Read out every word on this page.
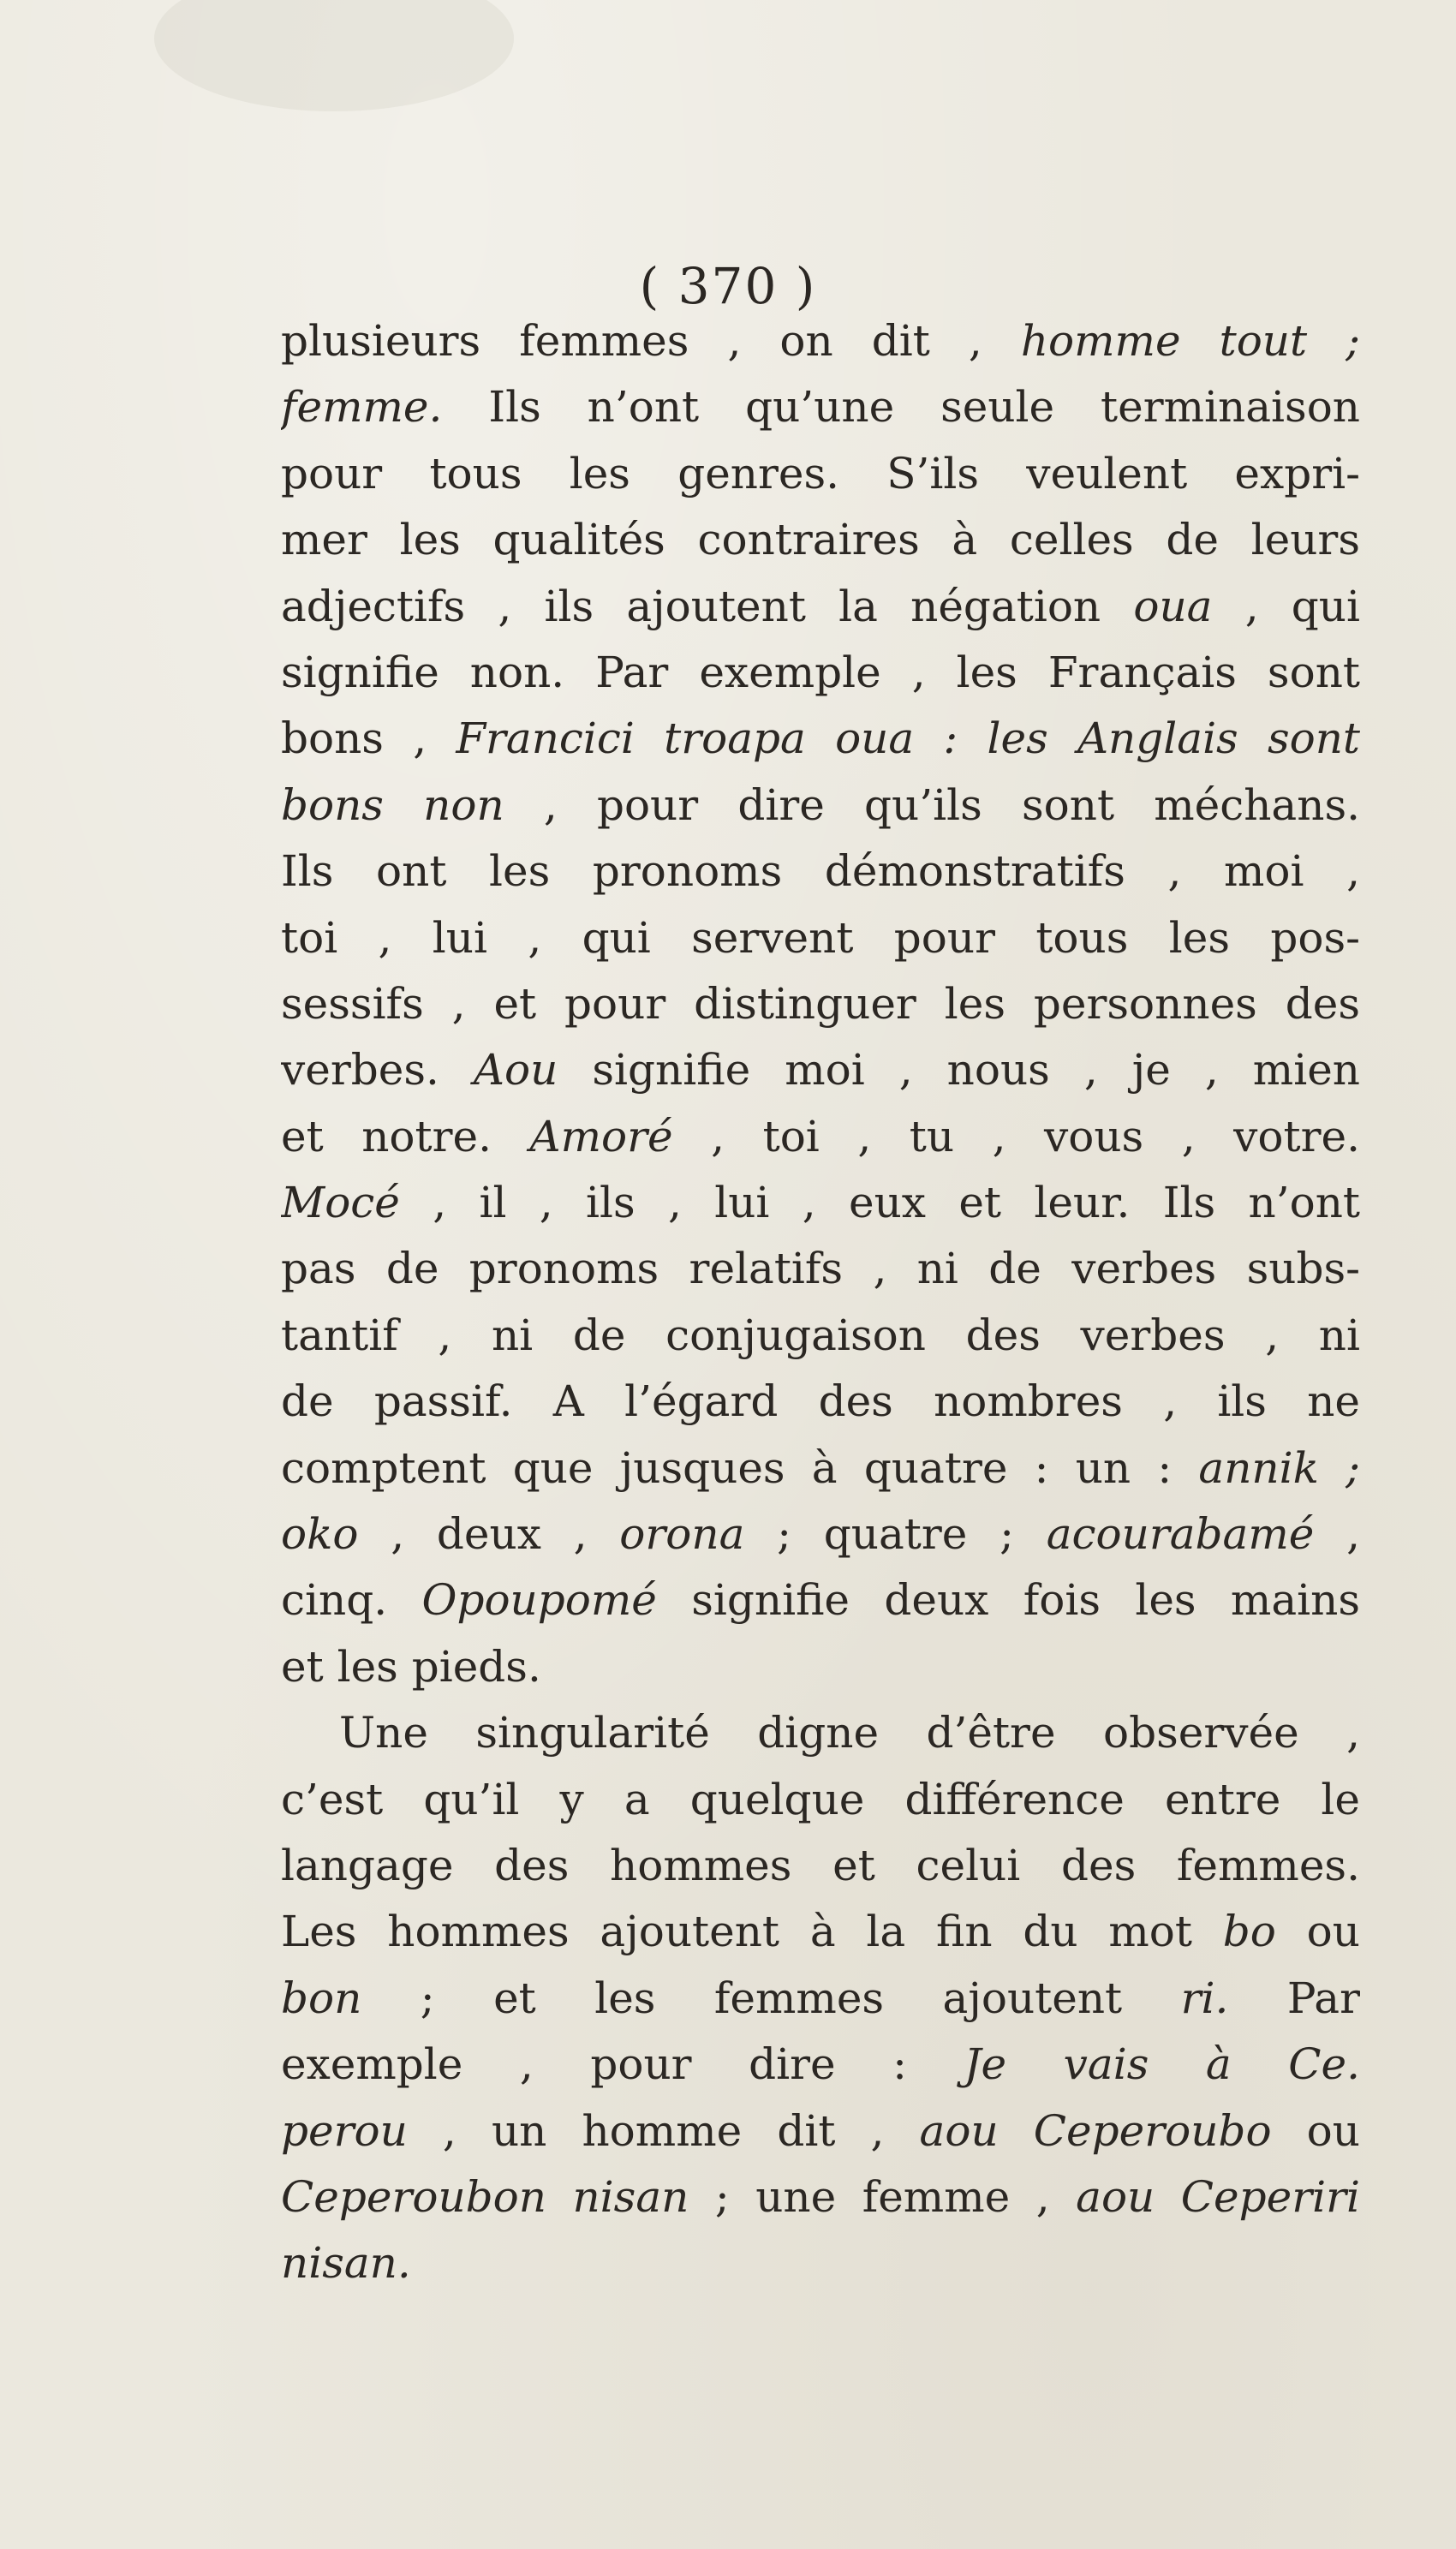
( 370 )
plusieurs femmes , on dit , homme tout ;
femme. Ils n’ont qu’une seule terminaison
pour tous les genres. S’ils veulent expri-
mer les qualités contraires à celles de leurs
adjectifs , ils ajoutent la négation oua , qui
signifie non. Par exemple , les Français sont
bons , Francici troapa oua : les Anglais sont
bons non , pour dire qu’ils sont méchans.
Ils ont les pronoms démonstratifs , moi ,
toi , lui , qui servent pour tous les pos-
sessifs , et pour distinguer les personnes des
verbes. Aou signifie moi , nous , je , mien
et notre. Amoré , toi , tu , vous , votre.
Mocé , il , ils , lui , eux et leur. Ils n’ont
pas de pronoms relatifs , ni de verbes subs-
tantif , ni de conjugaison des verbes , ni
de passif. A l’égard des nombres , ils ne
comptent que jusques à quatre : un : annik ;
oko , deux , orona ; quatre ; acourabamé ,
cinq. Opoupomé signifie deux fois les mains
et les pieds.
Une singularité digne d’être observée ,
c’est qu’il y a quelque différence entre le
langage des hommes et celui des femmes.
Les hommes ajoutent à la fin du mot bo ou
bon ; et les femmes ajoutent ri. Par
exemple , pour dire : Je vais à Ce.
perou , un homme dit , aou Ceperoubo ou
Ceperoubon nisan ; une femme , aou Ceperiri
nisan.
